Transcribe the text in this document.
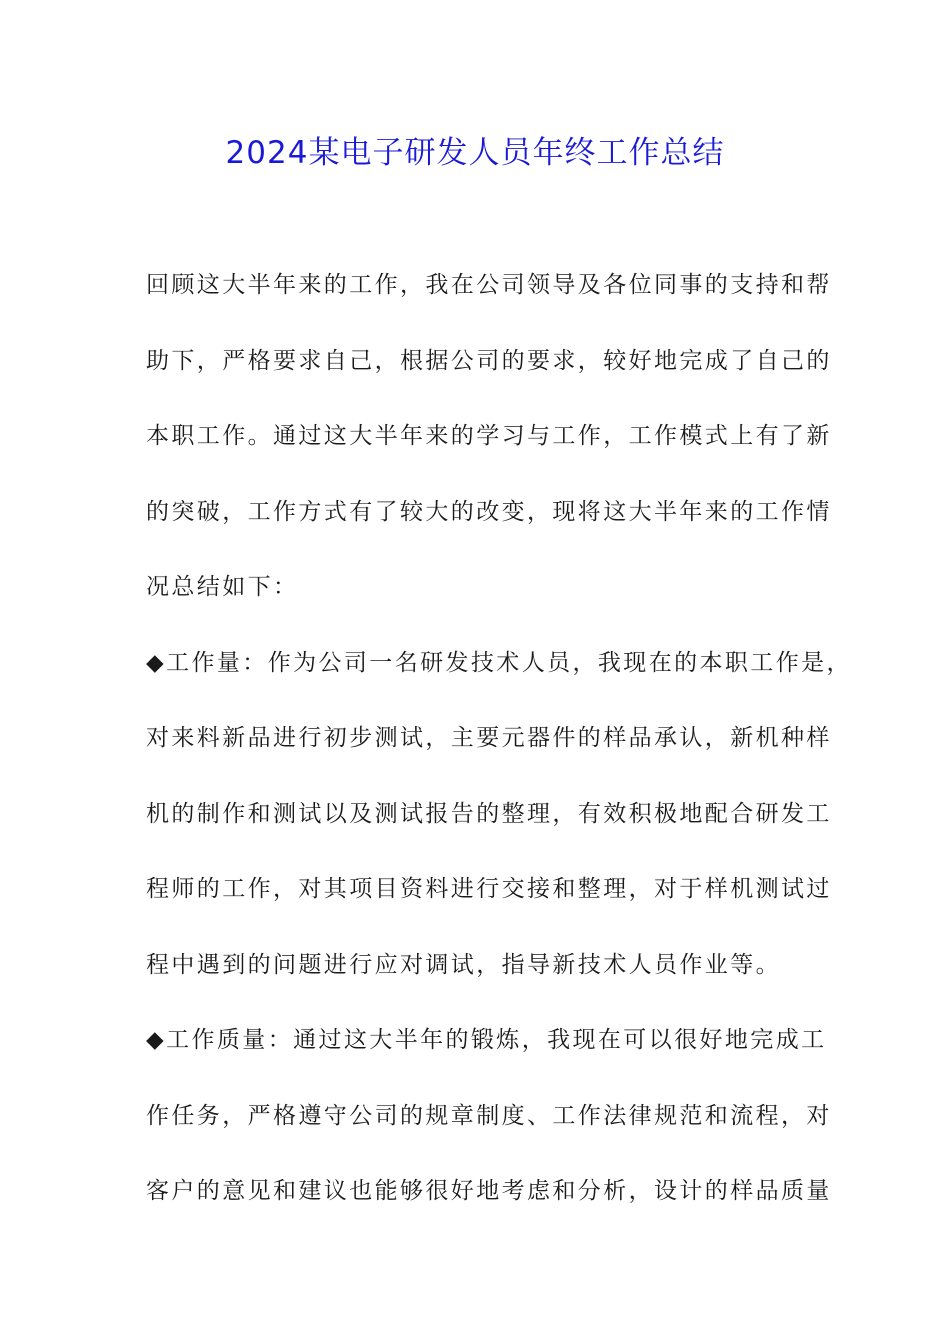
2024某电子研发人员年终工作总结

回顾这大半年来的工作，我在公司领导及各位同事的支持和帮

助下，严格要求自己，根据公司的要求，较好地完成了自己的

本职工作。通过这大半年来的学习与工作，工作模式上有了新

的突破，工作方式有了较大的改变，现将这大半年来的工作情

况总结如下：

◆工作量：作为公司一名研发技术人员，我现在的本职工作是，

对来料新品进行初步测试，主要元器件的样品承认，新机种样

机的制作和测试以及测试报告的整理，有效积极地配合研发工

程师的工作，对其项目资料进行交接和整理，对于样机测试过

程中遇到的问题进行应对调试，指导新技术人员作业等。

◆工作质量：通过这大半年的锻炼，我现在可以很好地完成工

作任务，严格遵守公司的规章制度、工作法律规范和流程，对

客户的意见和建议也能够很好地考虑和分析，设计的样品质量
